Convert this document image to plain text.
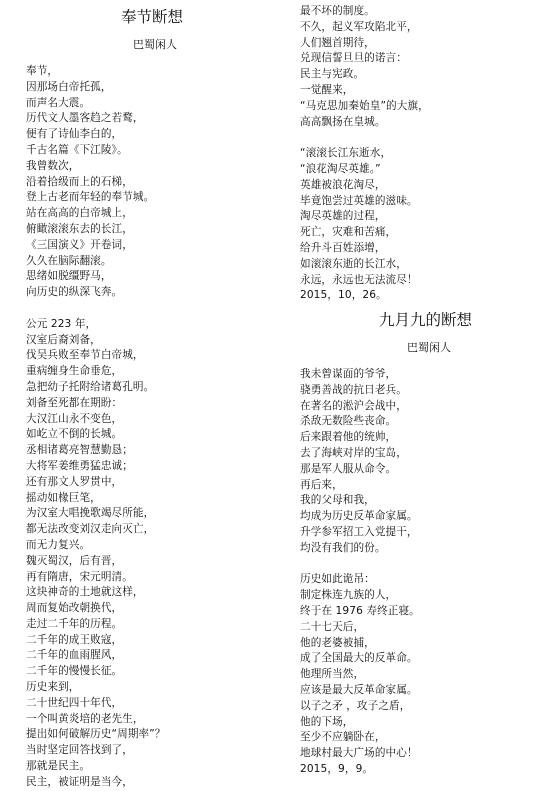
奉节断想
巴蜀闲人
奉节，
因那场白帝托孤，
而声名大震。
历代文人墨客趋之若鹜，
便有了诗仙李白的，
千古名篇《下江陵》。
我曾数次，
沿着拾级而上的石梯，
登上古老而年轻的奉节城。
站在高高的白帝城上，
俯瞰滚滚东去的长江，
《三国演义》开卷词，
久久在脑际翻滚。
思绪如脱缰野马，
向历史的纵深飞奔。
公元 223 年，
汉室后裔刘备，
伐吴兵败至奉节白帝城，
重病缠身生命垂危，
急把幼子托附给诸葛孔明。
刘备至死都在期盼：
大汉江山永不变色，
如屹立不倒的长城。
丞相诸葛亮智慧勤恳；
大将军姜维勇猛忠诚；
还有那文人罗贯中，
摇动如椽巨笔，
为汉室大唱挽歌竭尽所能，
都无法改变刘汉走向灭亡，
而无力复兴。
魏灭蜀汉，后有晋，
再有隋唐，宋元明清。
这块神奇的土地就这样，
周而复始改朝换代，
走过二千年的历程。
二千年的成王败寇，
二千年的血雨腥风，
二千年的慢慢长征。
历史来到，
二十世纪四十年代，
一个叫黄炎培的老先生，
提出如何破解历史“周期率”？
当时坚定回答找到了，
那就是民主。
民主，被证明是当今，
最不坏的制度。
不久，起义军攻陷北平，
人们翘首期待，
兑现信誓旦旦的诺言：
民主与宪政。
一觉醒来，
“马克思加秦始皇”的大旗，
高高飘扬在皇城。
“滚滚长江东逝水，
“浪花淘尽英雄。”
英雄被浪花淘尽，
毕竟饱尝过英雄的滋味。
淘尽英雄的过程，
死亡，灾难和苦痛，
给升斗百姓添增，
如滚滚东逝的长江水，
永远，永远也无法流尽！
2015，10，26。
九月九的断想
巴蜀闲人
我未曾谋面的爷爷，
骁勇善战的抗日老兵。
在著名的淞沪会战中，
杀敌无数险些丧命。
后来跟着他的统帅，
去了海峡对岸的宝岛，
那是军人服从命令。
再后来，
我的父母和我，
均成为历史反革命家属。
升学参军招工入党提干，
均没有我们的份。
历史如此诡吊：
制定株连九族的人，
终于在 1976 寿终正寝。
二十七天后，
他的老婆被捕，
成了全国最大的反革命。
他理所当然，
应该是最大反革命家属。
以子之矛 ，攻子之盾，
他的下场，
至少不应躺卧在，
地球村最大广场的中心！
2015，9，9。
